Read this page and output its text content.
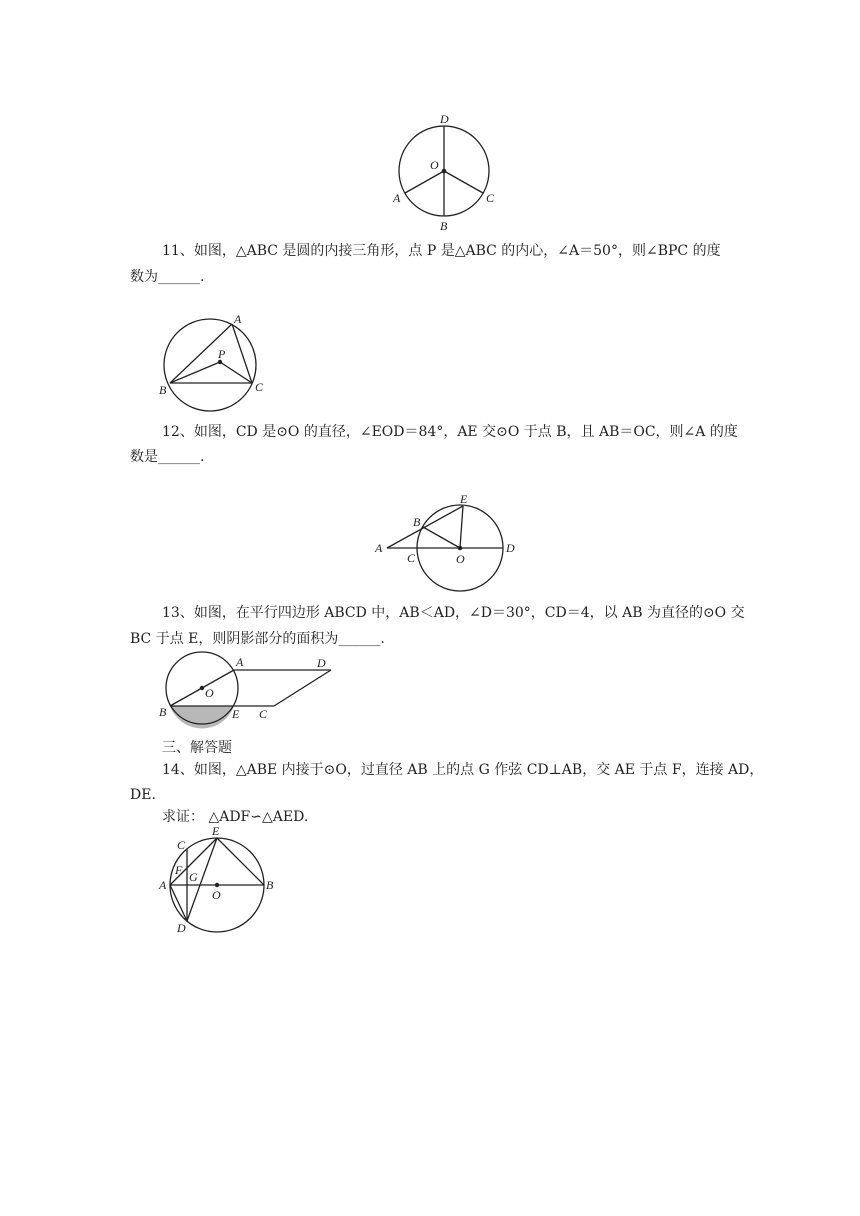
D
O
A	C
B
11、如图，△ABC 是圆的内接三角形，点 P 是△ABC 的内心，∠A＝50°，则∠BPC 的度
数为______.
A
P
B	C
12、如图，CD 是⊙O 的直径，∠EOD＝84°，AE 交⊙O 于点 B，且 AB＝OC，则∠A 的度
数是______.
E
B
A
C	O
D
13、如图，在平行四边形 ABCD 中，AB＜AD，∠D＝30°，CD＝4，以 AB 为直径的⊙O 交
BC 于点 E，则阴影部分的面积为______.
A	D
O
B	E C
三、解答题
14、如图，△ABE 内接于⊙O，过直径 AB 上的点 G 作弦 CD⊥AB，交 AE 于点 F，连接 AD，
DE.
求证： △ADF∽△AED.
C
E
F G
A	B
O
D
